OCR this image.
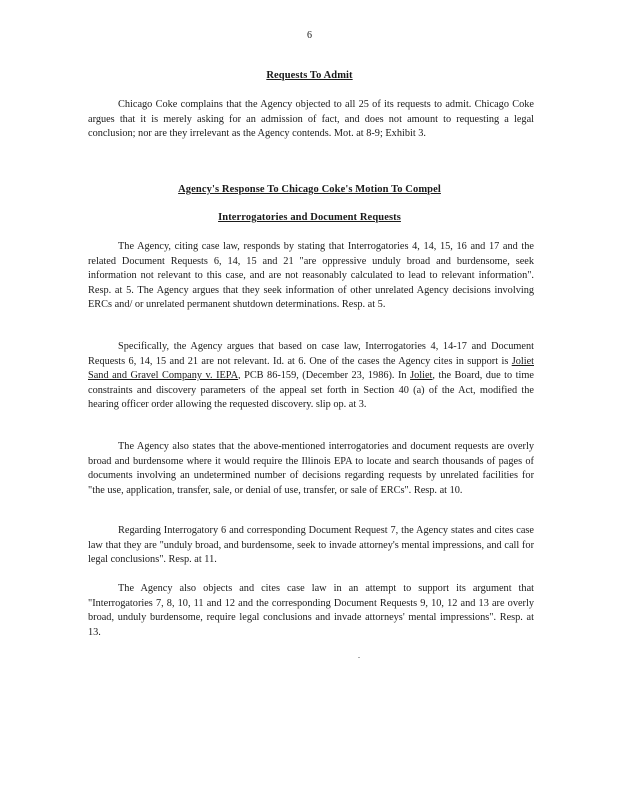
6
Requests To Admit

Chicago Coke complains that the Agency objected to all 25 of its requests to admit. Chicago Coke argues that it is merely asking for an admission of fact, and does not amount to requesting a legal conclusion; nor are they irrelevant as the Agency contends. Mot. at 8-9; Exhibit 3.

Agency's Response To Chicago Coke's Motion To Compel
Interrogatories and Document Requests

The Agency, citing case law, responds by stating that Interrogatories 4, 14, 15, 16 and 17 and the related Document Requests 6, 14, 15 and 21 "are oppressive unduly broad and burdensome, seek information not relevant to this case, and are not reasonably calculated to lead to relevant information". Resp. at 5. The Agency argues that they seek information of other unrelated Agency decisions involving ERCs and/ or unrelated permanent shutdown determinations. Resp. at 5.

Specifically, the Agency argues that based on case law, Interrogatories 4, 14-17 and Document Requests 6, 14, 15 and 21 are not relevant. Id. at 6. One of the cases the Agency cites in support is Joliet Sand and Gravel Company v. IEPA, PCB 86-159, (December 23, 1986). In Joliet, the Board, due to time constraints and discovery parameters of the appeal set forth in Section 40 (a) of the Act, modified the hearing officer order allowing the requested discovery. slip op. at 3.

The Agency also states that the above-mentioned interrogatories and document requests are overly broad and burdensome where it would require the Illinois EPA to locate and search thousands of pages of documents involving an undetermined number of decisions regarding requests by unrelated facilities for "the use, application, transfer, sale, or denial of use, transfer, or sale of ERCs". Resp. at 10.

Regarding Interrogatory 6 and corresponding Document Request 7, the Agency states and cites case law that they are "unduly broad, and burdensome, seek to invade attorney's mental impressions, and call for legal conclusions". Resp. at 11.

The Agency also objects and cites case law in an attempt to support its argument that "Interrogatories 7, 8, 10, 11 and 12 and the corresponding Document Requests 9, 10, 12 and 13 are overly broad, unduly burdensome, require legal conclusions and invade attorneys' mental impressions". Resp. at 13.

.
